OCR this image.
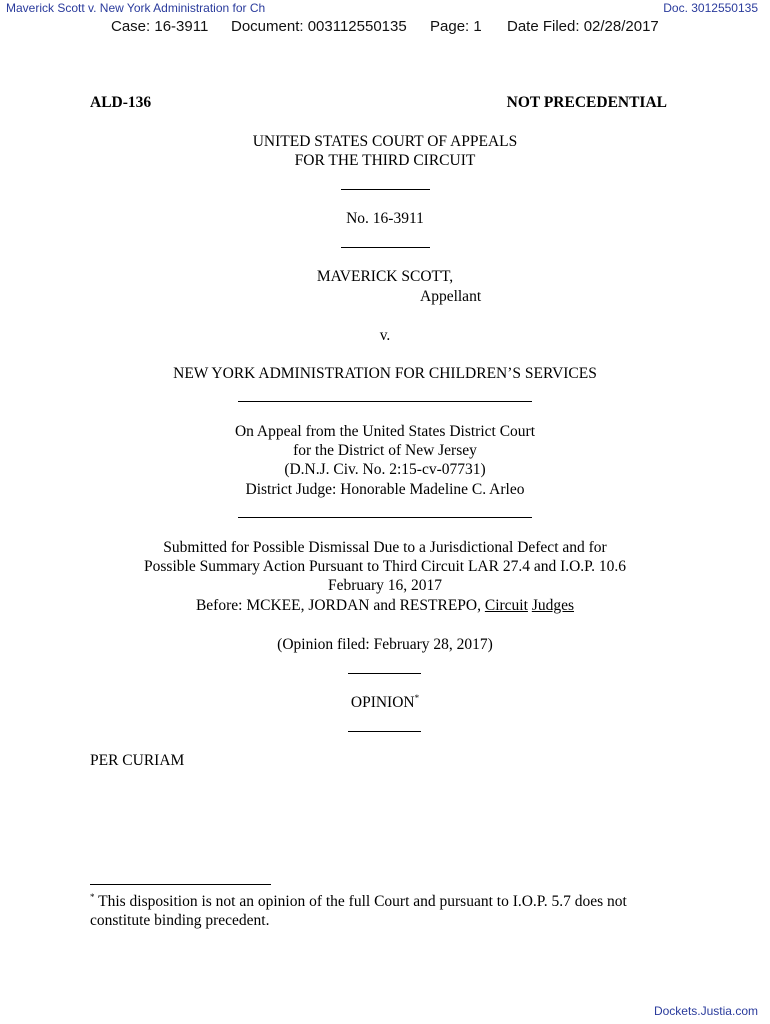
Maverick Scott v. New York Administration for Ch	Doc. 3012550135
Case: 16-3911 Document: 003112550135 Page: 1 Date Filed: 02/28/2017
ALD-136	NOT PRECEDENTIAL
UNITED STATES COURT OF APPEALS
FOR THE THIRD CIRCUIT
No. 16-3911
MAVERICK SCOTT,
Appellant
v.
NEW YORK ADMINISTRATION FOR CHILDREN’S SERVICES
On Appeal from the United States District Court
for the District of New Jersey
(D.N.J. Civ. No. 2:15-cv-07731)
District Judge: Honorable Madeline C. Arleo
Submitted for Possible Dismissal Due to a Jurisdictional Defect and for
Possible Summary Action Pursuant to Third Circuit LAR 27.4 and I.O.P. 10.6
February 16, 2017
Before: MCKEE, JORDAN and RESTREPO, Circuit Judges
(Opinion filed: February 28, 2017)
OPINION*
PER CURIAM
* This disposition is not an opinion of the full Court and pursuant to I.O.P. 5.7 does not
constitute binding precedent.
Dockets.Justia.com
